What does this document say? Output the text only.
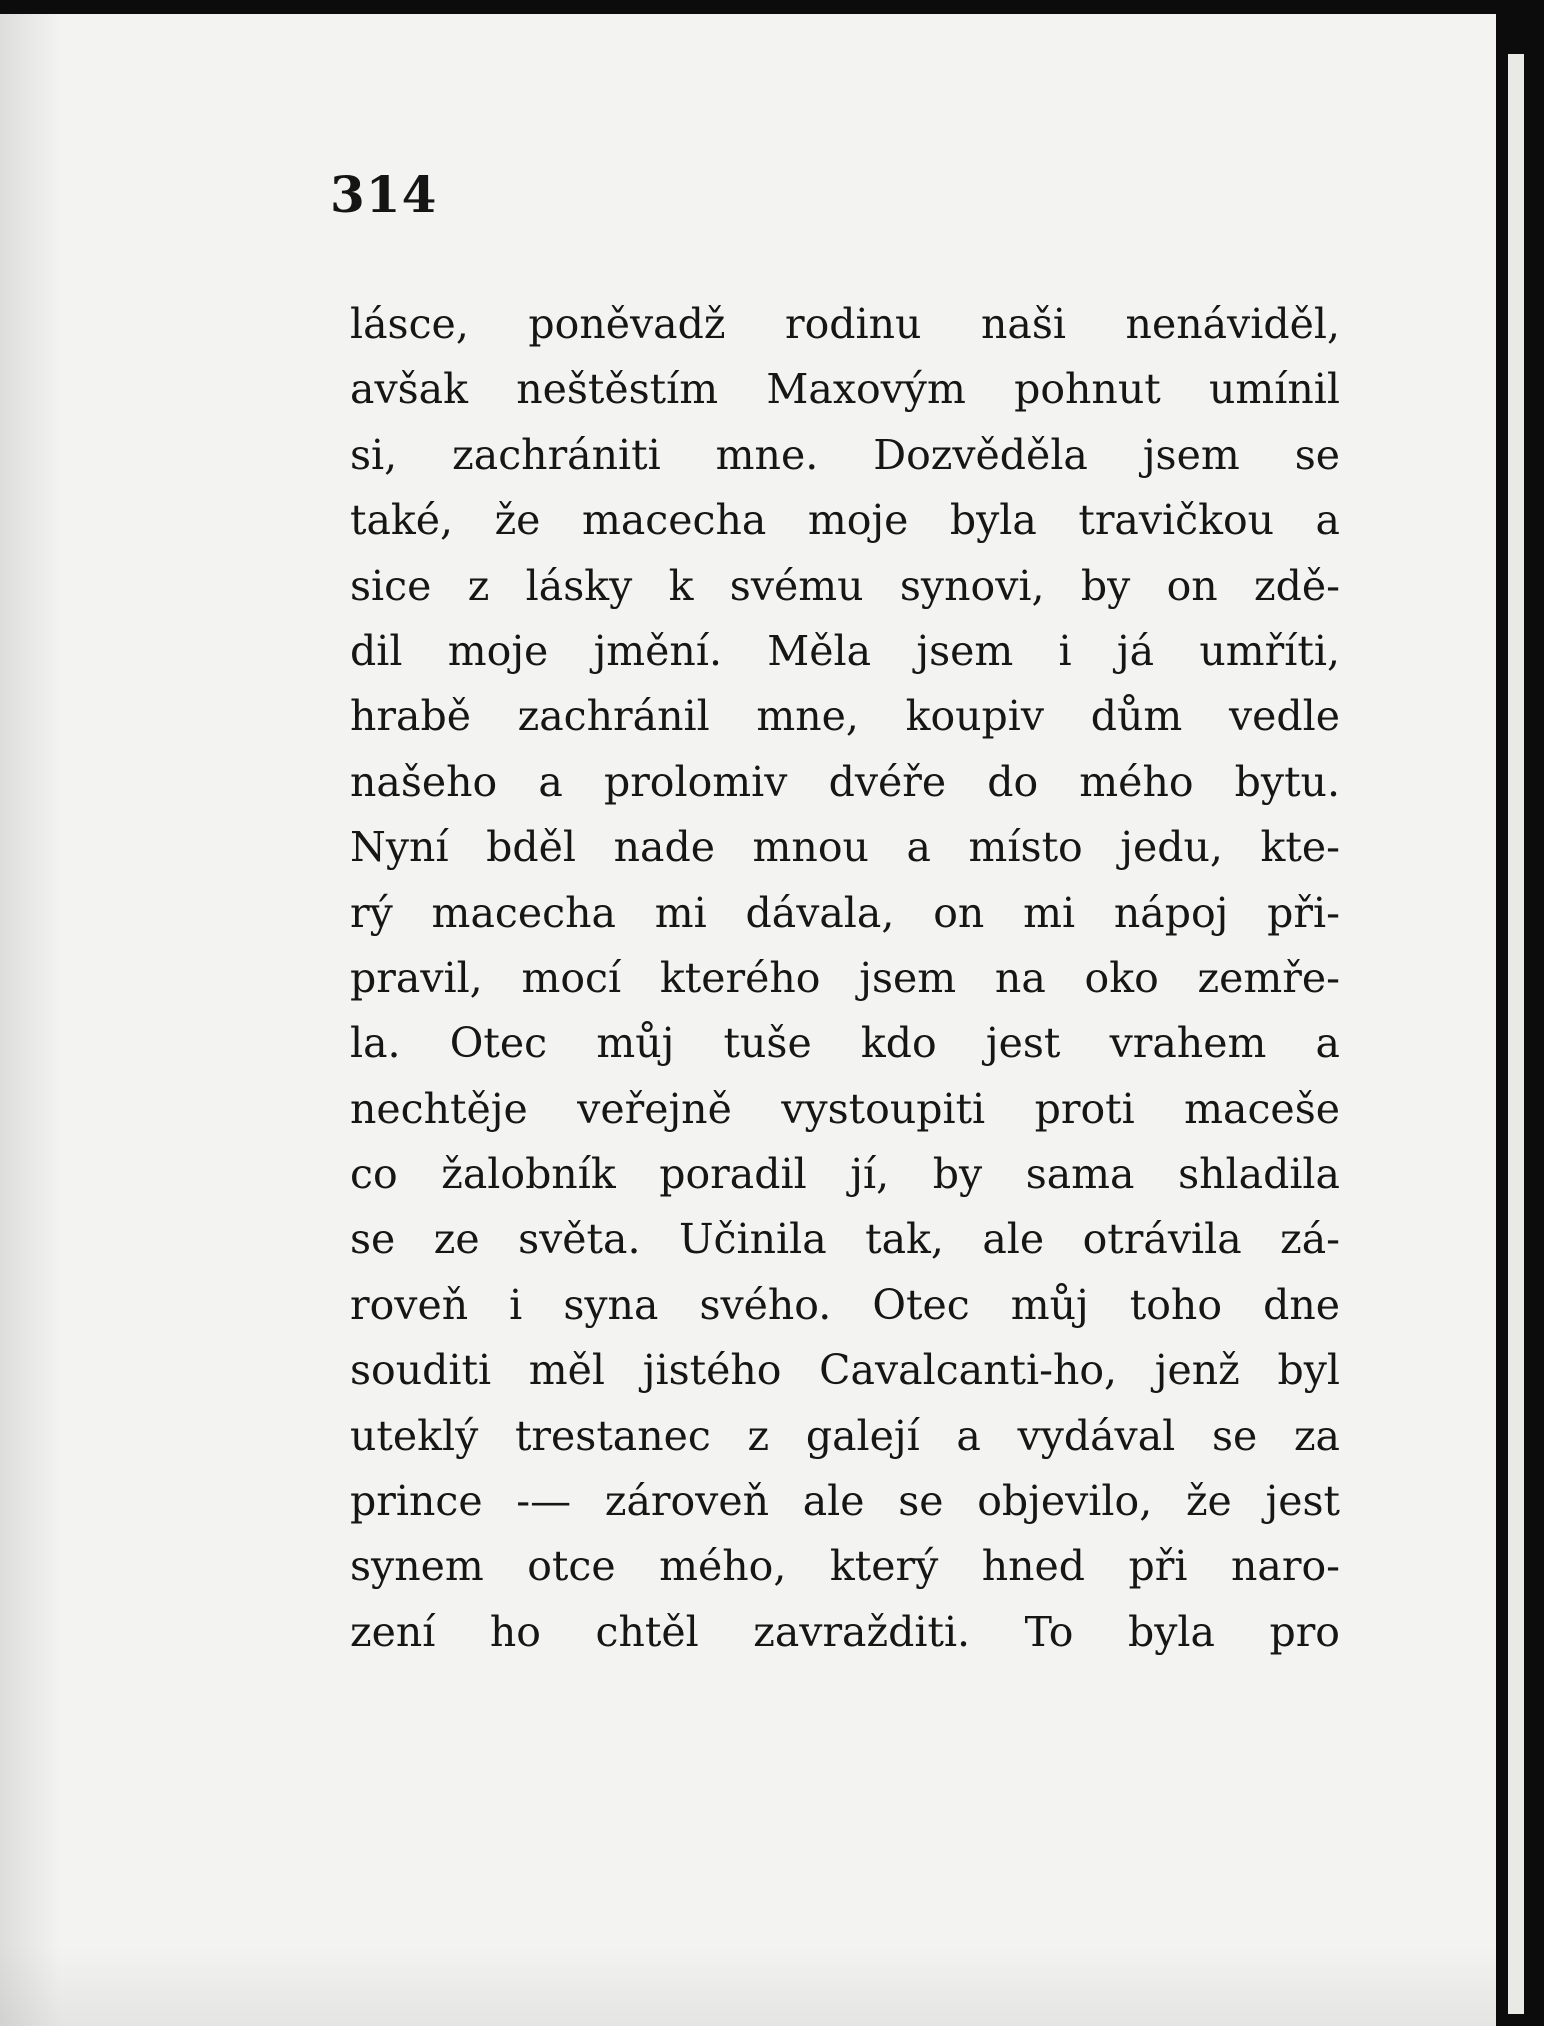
314
lásce, poněvadž rodinu naši nenáviděl,
avšak neštěstím Maxovým pohnut umínil
si, zachrániti mne. Dozvěděla jsem se
také, že macecha moje byla travičkou a
sice z lásky k svému synovi, by on zdě-
dil moje jmění. Měla jsem i já umříti,
hrabě zachránil mne, koupiv dům vedle
našeho a prolomiv dvéře do mého bytu.
Nyní bděl nade mnou a místo jedu, kte-
rý macecha mi dávala, on mi nápoj při-
pravil, mocí kterého jsem na oko zemře-
la. Otec můj tuše kdo jest vrahem a
nechtěje veřejně vystoupiti proti maceše
co žalobník poradil jí, by sama shladila
se ze světa. Učinila tak, ale otrávila zá-
roveň i syna svého. Otec můj toho dne
souditi měl jistého Cavalcanti-ho, jenž byl
uteklý trestanec z galejí a vydával se za
prince -— zároveň ale se objevilo, že jest
synem otce mého, který hned při naro-
zení ho chtěl zavražditi. To byla pro
